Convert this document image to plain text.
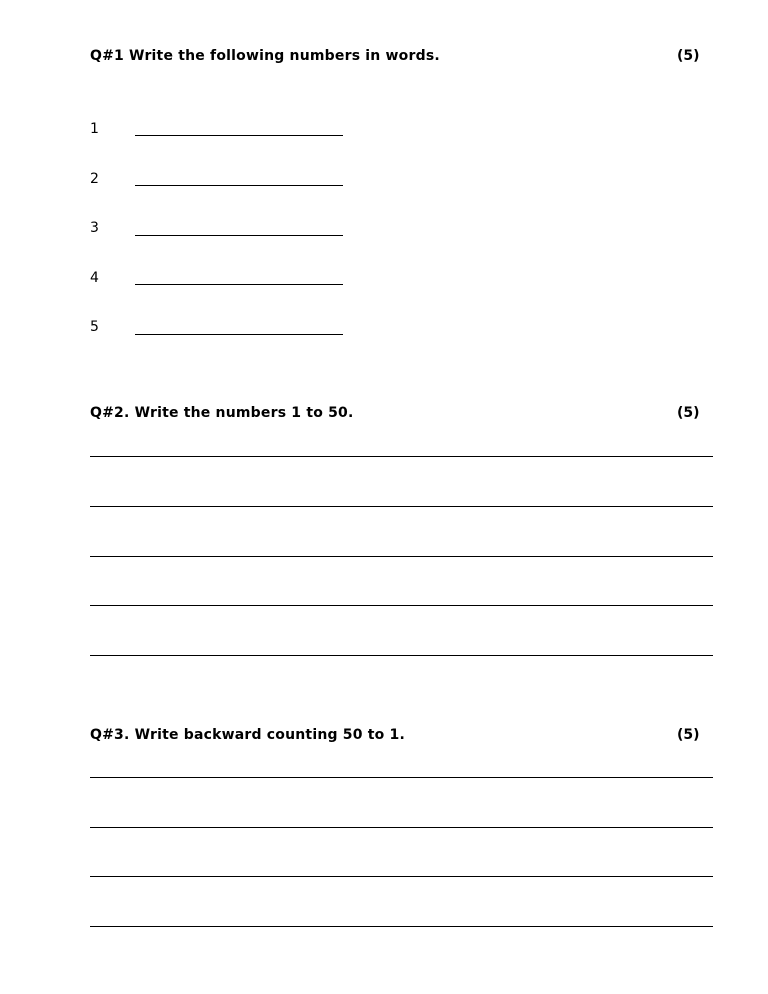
Q#1 Write the following numbers in words.	(5)
1
2
3
4
5
Q#2. Write the numbers 1 to 50.	(5)
Q#3. Write backward counting 50 to 1.	(5)
